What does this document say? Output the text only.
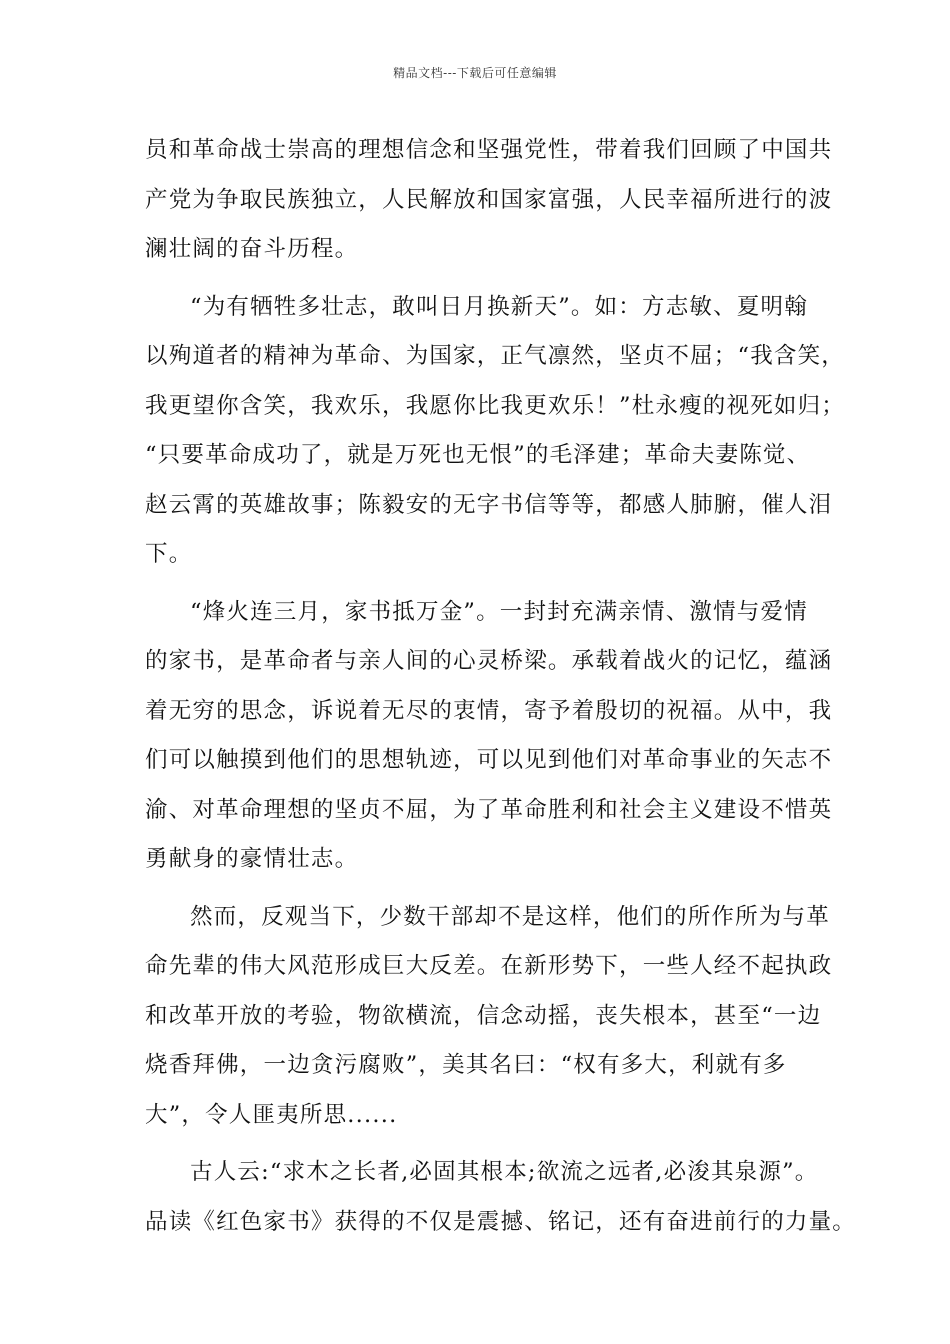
精品文档---下载后可任意编辑
员和革命战士崇高的理想信念和坚强党性，带着我们回顾了中国共
产党为争取民族独立，人民解放和国家富强，人民幸福所进行的波
澜壮阔的奋斗历程。
“为有牺牲多壮志，敢叫日月换新天”。如：方志敏、夏明翰
以殉道者的精神为革命、为国家，正气凛然，坚贞不屈；“我含笑，
我更望你含笑，我欢乐，我愿你比我更欢乐！”杜永瘦的视死如归；
“只要革命成功了，就是万死也无恨”的毛泽建；革命夫妻陈觉、
赵云霄的英雄故事；陈毅安的无字书信等等，都感人肺腑，催人泪
下。
“烽火连三月，家书抵万金”。一封封充满亲情、激情与爱情
的家书，是革命者与亲人间的心灵桥梁。承载着战火的记忆，蕴涵
着无穷的思念，诉说着无尽的衷情，寄予着殷切的祝福。从中，我
们可以触摸到他们的思想轨迹，可以见到他们对革命事业的矢志不
渝、对革命理想的坚贞不屈，为了革命胜利和社会主义建设不惜英
勇献身的豪情壮志。
然而，反观当下，少数干部却不是这样，他们的所作所为与革
命先辈的伟大风范形成巨大反差。在新形势下，一些人经不起执政
和改革开放的考验，物欲横流，信念动摇，丧失根本，甚至“一边
烧香拜佛，一边贪污腐败”，美其名曰：“权有多大，利就有多
大”，令人匪夷所思......
古人云:“求木之长者,必固其根本;欲流之远者,必浚其泉源”。
品读《红色家书》获得的不仅是震撼、铭记，还有奋进前行的力量。
